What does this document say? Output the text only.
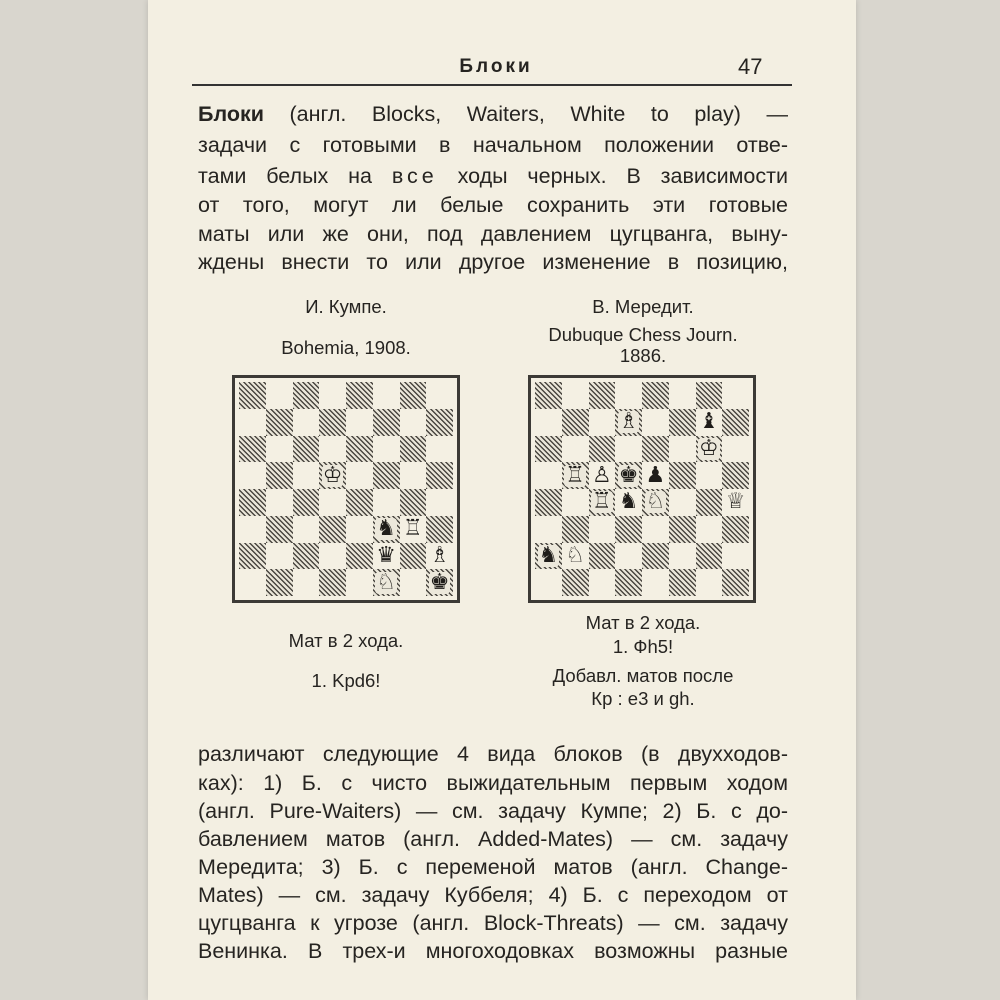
Блоки	47
Блоки (англ. Blocks, Waiters, White to play) —
задачи с готовыми в начальном положении отве-
тами белых на все ходы черных. В зависимости
от того, могут ли белые сохранить эти готовые
маты или же они, под давлением цугцванга, выну-
ждены внести то или другое изменение в позицию,
И. Кумпе.
Bohemia, 1908.
♔
♞ ♖
♛ ♗
♘ ♚
Мат в 2 хода.
1. Kpd6!
В. Мередит.
Dubuque Chess Journ.
1886.
♗	♝
♔
♖ ♙ ♚ ♟
♖ ♞ ♘	♕
♞ ♘
Мат в 2 хода.
1. Фh5!
Добавл. матов после
Кр : e3 и gh.
различают следующие 4 вида блоков (в двухходов-
ках): 1) Б. с чисто выжидательным первым ходом
(англ. Pure-Waiters) — см. задачу Кумпе; 2) Б. с до-
бавлением матов (англ. Added-Mates) — см. задачу
Мередита; 3) Б. с переменой матов (англ. Change-
Mates) — см. задачу Куббеля; 4) Б. с переходом от
цугцванга к угрозе (англ. Block-Threats) — см. задачу
Венинка. В трех-и многоходовках возможны разные
